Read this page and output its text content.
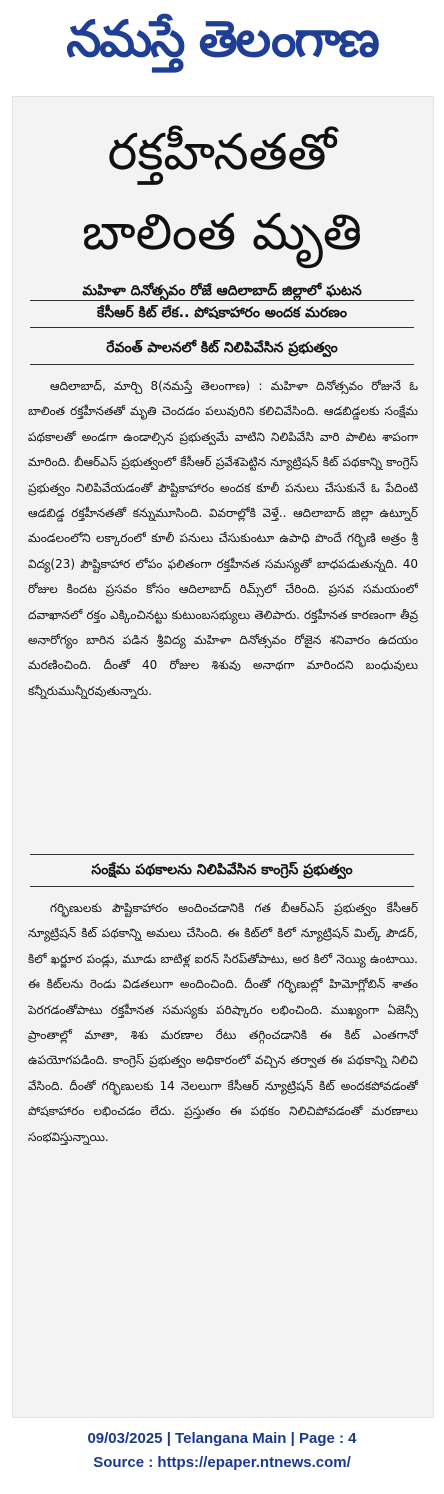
నమస్తే తెలంగాణ
రక్తహీనతతో
బాలింత మృతి
మహిళా దినోత్సవం రోజే ఆదిలాబాద్‌ జిల్లాలో ఘటన
కేసీఆర్‌ కిట్‌ లేక.. పోషకాహారం అందక మరణం
రేవంత్‌ పాలనలో కిట్‌ నిలిపివేసిన ప్రభుత్వం
ఆదిలాబాద్‌, మార్చి 8(నమస్తే తెలంగాణ) : మహిళా దినోత్సవం రోజునే ఓ బాలింత రక్తహీనతతో మృతి చెందడం పలువురిని కలిచివేసింది. ఆడబిడ్డలకు సంక్షేమ పథకాలతో అండగా ఉండాల్సిన ప్రభుత్వమే వాటిని నిలిపివేసి వారి పాలిట శాపంగా మారింది. బీఆర్‌ఎస్‌ ప్రభుత్వంలో కేసీఆర్‌ ప్రవేశపెట్టిన న్యూట్రిషన్‌ కిట్‌ పథకాన్ని కాంగ్రెస్‌ ప్రభుత్వం నిలిపివేయడంతో పౌష్టికాహారం అందక కూలీ పనులు చేసుకునే ఓ పేదింటి ఆడబిడ్డ రక్తహీనతతో కన్నుమూసింది. వివరాల్లోకి వెళ్తే.. ఆదిలాబాద్‌ జిల్లా ఉట్నూర్‌ మండలంలోని లక్కారంలో కూలీ పనులు చేసుకుంటూ ఉపాధి పొందే గర్భిణి అత్రం శ్రీ విద్య(23) పౌష్టికాహార లోపం ఫలితంగా రక్తహీనత సమస్యతో బాధపడుతున్నది. 40 రోజుల కిందట ప్రసవం కోసం ఆదిలాబాద్‌ రిమ్స్‌లో చేరింది. ప్రసవ సమయంలో దవాఖానలో రక్తం ఎక్కించినట్టు కుటుంబసభ్యులు తెలిపారు. రక్తహీనత కారణంగా తీవ్ర అనారోగ్యం బారిన పడిన శ్రీవిద్య మహిళా దినోత్సవం రోజైన శనివారం ఉదయం మరణించింది. దీంతో 40 రోజుల శిశువు అనాథగా మారిందని బంధువులు కన్నీరుమున్నీరవుతున్నారు.
సంక్షేమ పథకాలను నిలిపివేసిన కాంగ్రెస్‌ ప్రభుత్వం
గర్భిణులకు పౌష్టికాహారం అందించడానికి గత బీఆర్‌ఎస్‌ ప్రభుత్వం కేసీఆర్‌ న్యూట్రిషన్‌ కిట్‌ పథకాన్ని అమలు చేసింది. ఈ కిట్‌లో కిలో న్యూట్రిషన్‌ మిల్క్‌ పౌడర్‌, కిలో ఖర్జూర పండ్లు, మూడు బాటిళ్ల ఐరన్‌ సిరప్‌తోపాటు, అర కిలో నెయ్యి ఉంటాయి. ఈ కిట్‌లను రెండు విడతలుగా అందించింది. దీంతో గర్భిణుల్లో హిమోగ్లోబిన్‌ శాతం పెరగడంతోపాటు రక్తహీనత సమస్యకు పరిష్కారం లభించింది. ముఖ్యంగా ఏజెన్సీ ప్రాంతాల్లో మాతా, శిశు మరణాల రేటు తగ్గించడానికి ఈ కిట్‌ ఎంతగానో ఉపయోగపడింది. కాంగ్రెస్‌ ప్రభుత్వం అధికారంలో వచ్చిన తర్వాత ఈ పథకాన్ని నిలిచి వేసింది. దీంతో గర్భిణులకు 14 నెలలుగా కేసీఆర్‌ న్యూట్రిషన్‌ కిట్‌ అందకపోవడంతో పోషకాహారం లభించడం లేదు. ప్రస్తుతం ఈ పథకం నిలిచిపోవడంతో మరణాలు సంభవిస్తున్నాయి.
09/03/2025 | Telangana Main | Page : 4
Source : https://epaper.ntnews.com/
